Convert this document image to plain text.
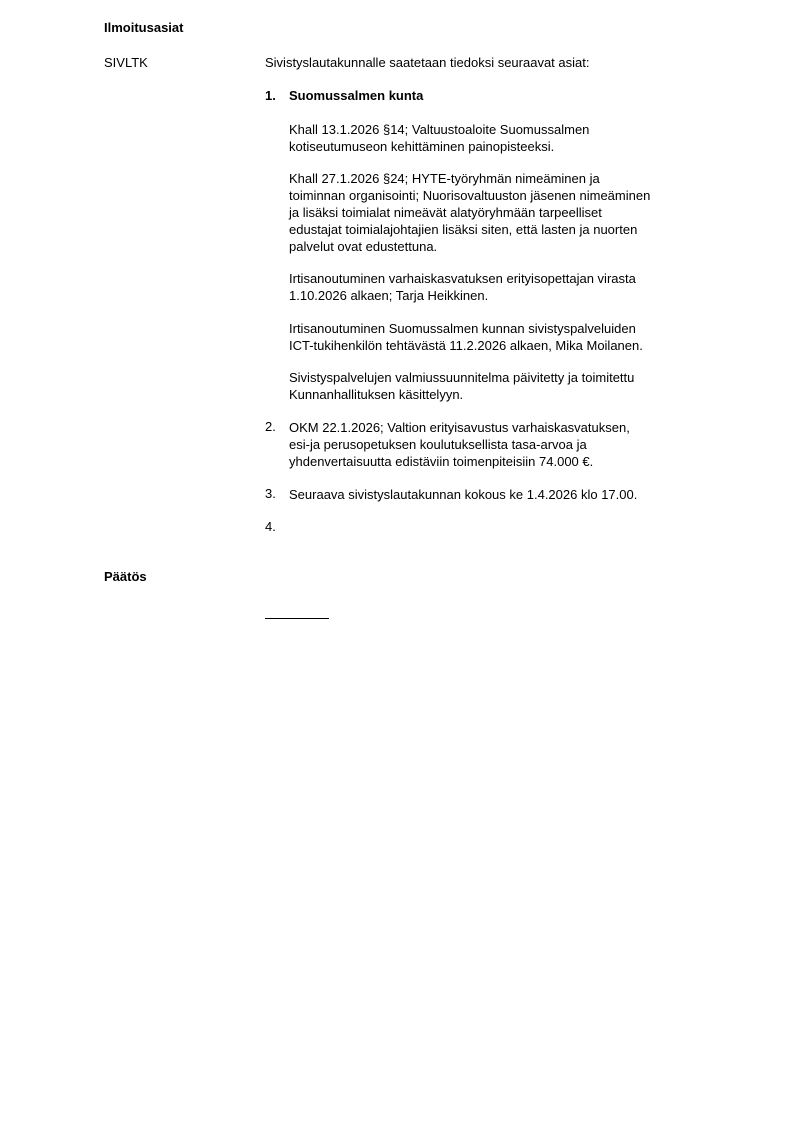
Ilmoitusasiat
SIVLTK	Sivistyslautakunnalle saatetaan tiedoksi seuraavat asiat:
1. Suomussalmen kunta
Khall 13.1.2026 §14; Valtuustoaloite Suomussalmen
kotiseutumuseon kehittäminen painopisteeksi.
Khall 27.1.2026 §24; HYTE-työryhmän nimeäminen ja
toiminnan organisointi; Nuorisovaltuuston jäsenen nimeäminen
ja lisäksi toimialat nimeävät alatyöryhmään tarpeelliset
edustajat toimialajohtajien lisäksi siten, että lasten ja nuorten
palvelut ovat edustettuna.
Irtisanoutuminen varhaiskasvatuksen erityisopettajan virasta
1.10.2026 alkaen; Tarja Heikkinen.
Irtisanoutuminen Suomussalmen kunnan sivistyspalveluiden
ICT-tukihenkilön tehtävästä 11.2.2026 alkaen, Mika Moilanen.
Sivistyspalvelujen valmiussuunnitelma päivitetty ja toimitettu
Kunnanhallituksen käsittelyyn.
2. OKM 22.1.2026; Valtion erityisavustus varhaiskasvatuksen,
esi-ja perusopetuksen koulutuksellista tasa-arvoa ja
yhdenvertaisuutta edistäviin toimenpiteisiin 74.000 €.
3. Seuraava sivistyslautakunnan kokous ke 1.4.2026 klo 17.00.
4.
Päätös
